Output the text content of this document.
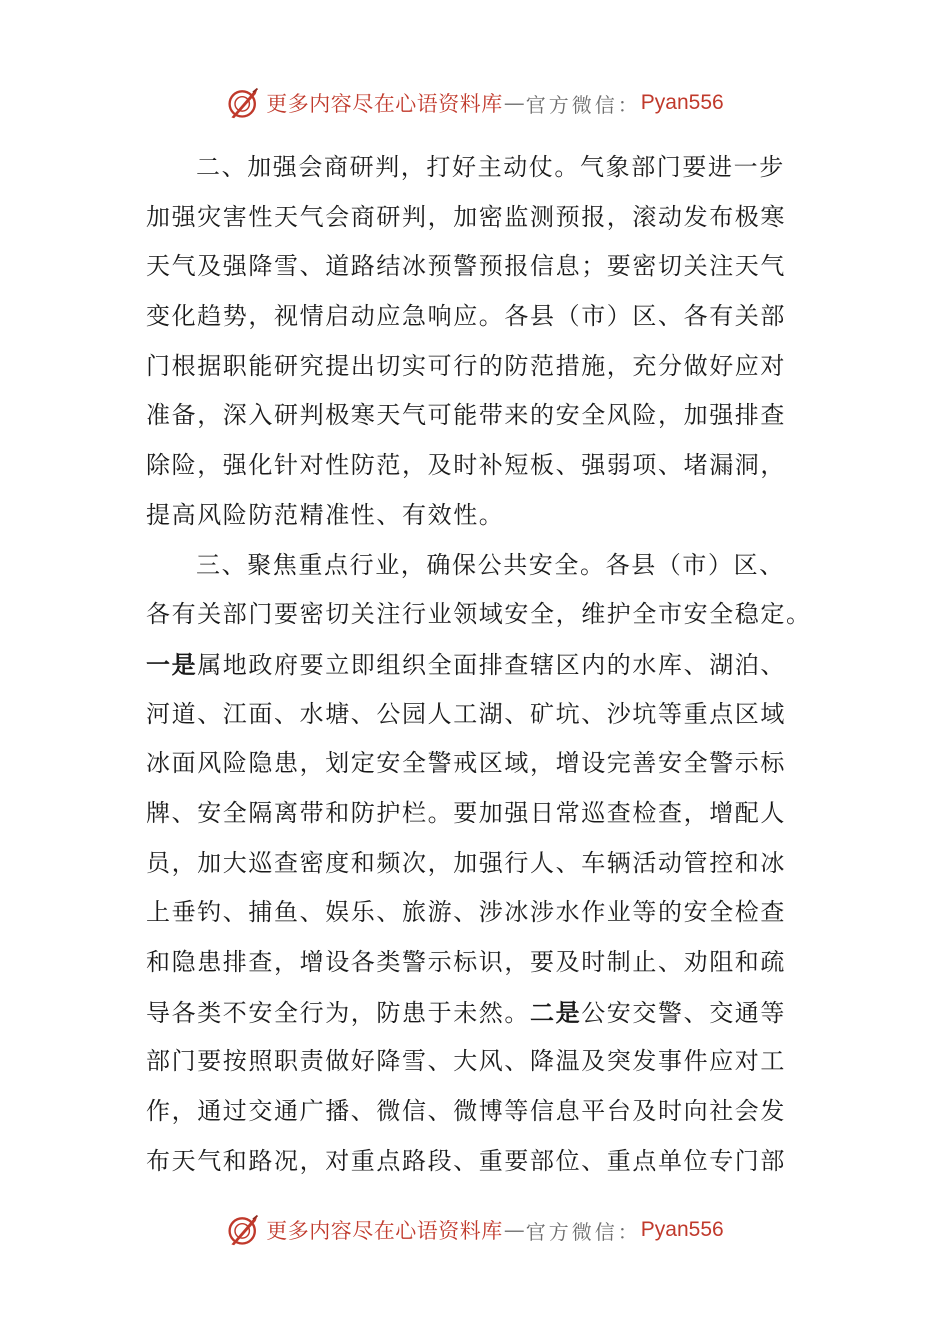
更多内容尽在心语资料库 — 官方微信： Pyan556
二、加强会商研判，打好主动仗。气象部门要进一步
加强灾害性天气会商研判，加密监测预报，滚动发布极寒
天气及强降雪、道路结冰预警预报信息；要密切关注天气
变化趋势，视情启动应急响应。各县（市）区、各有关部
门根据职能研究提出切实可行的防范措施，充分做好应对
准备，深入研判极寒天气可能带来的安全风险，加强排查
除险，强化针对性防范，及时补短板、强弱项、堵漏洞，
提高风险防范精准性、有效性。
三、聚焦重点行业，确保公共安全。各县（市）区、
各有关部门要密切关注行业领域安全，维护全市安全稳定。
一是属地政府要立即组织全面排查辖区内的水库、湖泊、
河道、江面、水塘、公园人工湖、矿坑、沙坑等重点区域
冰面风险隐患，划定安全警戒区域，增设完善安全警示标
牌、安全隔离带和防护栏。要加强日常巡查检查，增配人
员，加大巡查密度和频次，加强行人、车辆活动管控和冰
上垂钓、捕鱼、娱乐、旅游、涉冰涉水作业等的安全检查
和隐患排查，增设各类警示标识，要及时制止、劝阻和疏
导各类不安全行为，防患于未然。二是公安交警、交通等
部门要按照职责做好降雪、大风、降温及突发事件应对工
作，通过交通广播、微信、微博等信息平台及时向社会发
布天气和路况，对重点路段、重要部位、重点单位专门部
更多内容尽在心语资料库 — 官方微信： Pyan556
